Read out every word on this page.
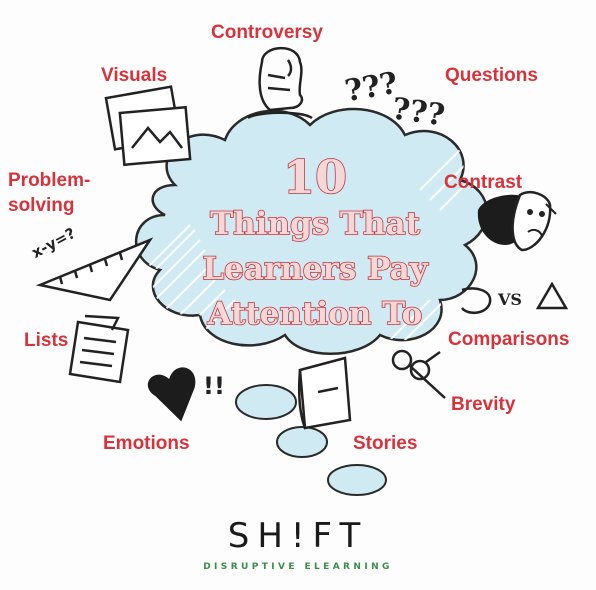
10
Things That
Learners Pay
Attention To	VS
x-y=?
!!
???
???
Controversy
Visuals	Questions
Problem-
solving
Contrast
Lists	Comparisons
Brevity
Emotions	Stories
SH!FT
DISRUPTIVE ELEARNING
